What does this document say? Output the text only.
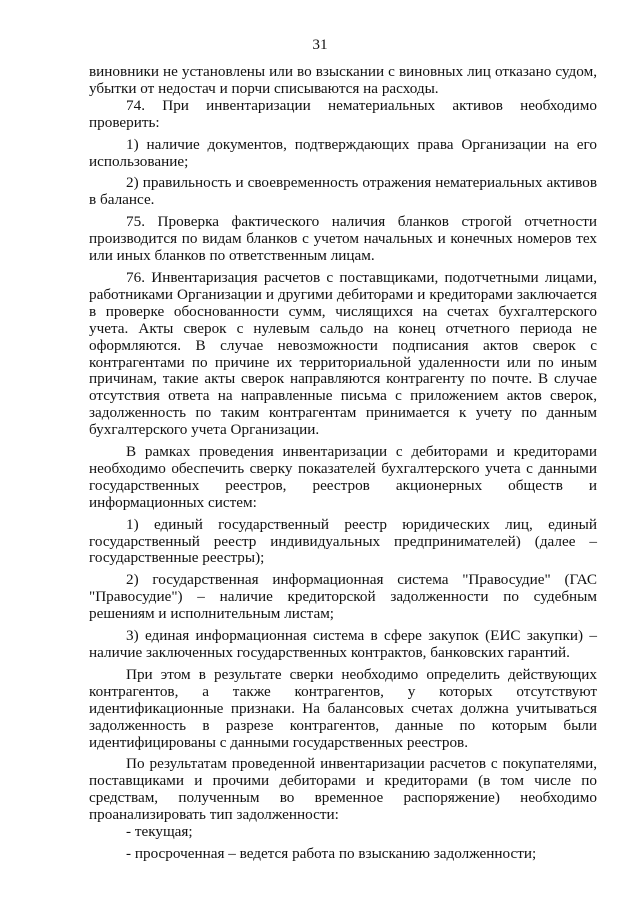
31

виновники не установлены или во взыскании с виновных лиц отказано судом, убытки от недостач и порчи списываются на расходы.

74. При инвентаризации нематериальных активов необходимо проверить:

1) наличие документов, подтверждающих права Организации на его использование;

2) правильность и своевременность отражения нематериальных активов в балансе.

75. Проверка фактического наличия бланков строгой отчетности производится по видам бланков с учетом начальных и конечных номеров тех или иных бланков по ответственным лицам.

76. Инвентаризация расчетов с поставщиками, подотчетными лицами, работниками Организации и другими дебиторами и кредиторами заключается в проверке обоснованности сумм, числящихся на счетах бухгалтерского учета. Акты сверок с нулевым сальдо на конец отчетного периода не оформляются. В случае невозможности подписания актов сверок с контрагентами по причине их территориальной удаленности или по иным причинам, такие акты сверок направляются контрагенту по почте. В случае отсутствия ответа на направленные письма с приложением актов сверок, задолженность по таким контрагентам принимается к учету по данным бухгалтерского учета Организации.

В рамках проведения инвентаризации с дебиторами и кредиторами необходимо обеспечить сверку показателей бухгалтерского учета с данными государственных реестров, реестров акционерных обществ и информационных систем:

1) единый государственный реестр юридических лиц, единый государственный реестр индивидуальных предпринимателей) (далее – государственные реестры);

2) государственная информационная система "Правосудие" (ГАС "Правосудие") – наличие кредиторской задолженности по судебным решениям и исполнительным листам;

3) единая информационная система в сфере закупок (ЕИС закупки) – наличие заключенных государственных контрактов, банковских гарантий.

При этом в результате сверки необходимо определить действующих контрагентов, а также контрагентов, у которых отсутствуют идентификационные признаки. На балансовых счетах должна учитываться задолженность в разрезе контрагентов, данные по которым были идентифицированы с данными государственных реестров.

По результатам проведенной инвентаризации расчетов с покупателями, поставщиками и прочими дебиторами и кредиторами (в том числе по средствам, полученным во временное распоряжение) необходимо проанализировать тип задолженности:

- текущая;

- просроченная – ведется работа по взысканию задолженности;
